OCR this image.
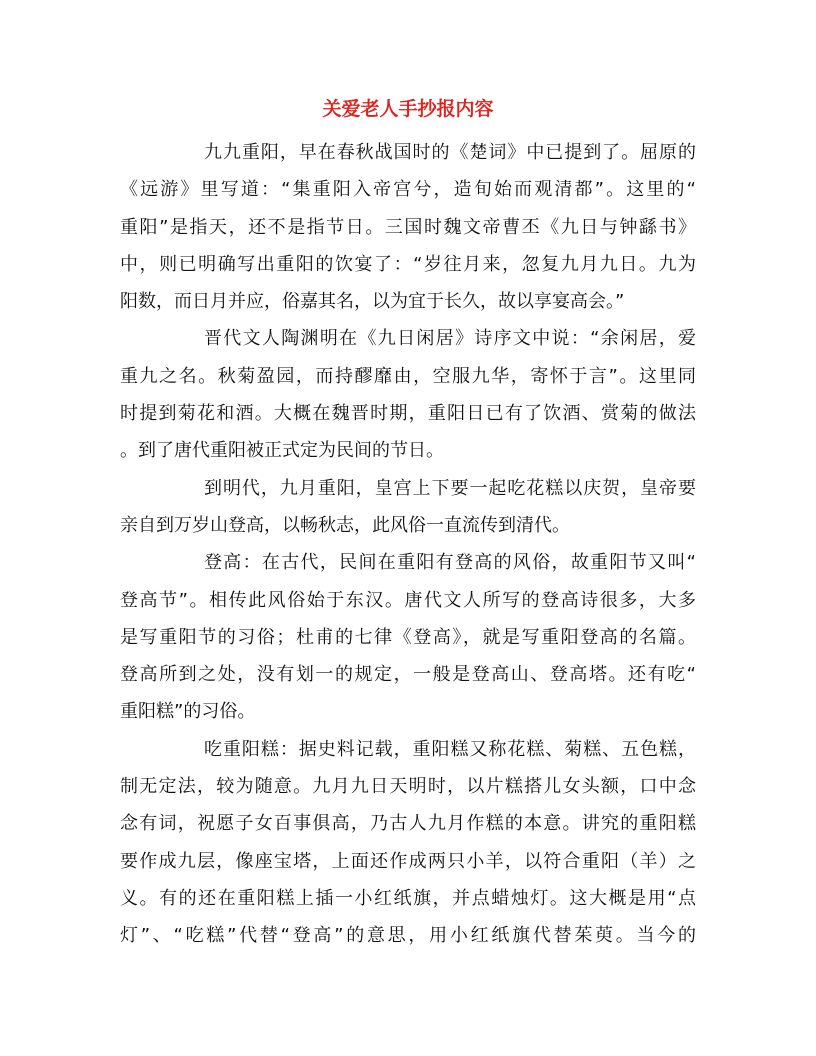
关爱老人手抄报内容
九九重阳，早在春秋战国时的《楚词》中已提到了。屈原的
《远游》里写道：“集重阳入帝宫兮，造旬始而观清都”。这里的“
重阳”是指天，还不是指节日。三国时魏文帝曹丕《九日与钟繇书》
中，则已明确写出重阳的饮宴了：“岁往月来，忽复九月九日。九为
阳数，而日月并应，俗嘉其名，以为宜于长久，故以享宴高会。”
晋代文人陶渊明在《九日闲居》诗序文中说：“余闲居，爱
重九之名。秋菊盈园，而持醪靡由，空服九华，寄怀于言”。这里同
时提到菊花和酒。大概在魏晋时期，重阳日已有了饮酒、赏菊的做法
。到了唐代重阳被正式定为民间的节日。
到明代，九月重阳，皇宫上下要一起吃花糕以庆贺，皇帝要
亲自到万岁山登高，以畅秋志，此风俗一直流传到清代。
登高：在古代，民间在重阳有登高的风俗，故重阳节又叫“
登高节”。相传此风俗始于东汉。唐代文人所写的登高诗很多，大多
是写重阳节的习俗；杜甫的七律《登高》，就是写重阳登高的名篇。
登高所到之处，没有划一的规定，一般是登高山、登高塔。还有吃“
重阳糕”的习俗。
吃重阳糕：据史料记载，重阳糕又称花糕、菊糕、五色糕，
制无定法，较为随意。九月九日天明时，以片糕搭儿女头额，口中念
念有词，祝愿子女百事俱高，乃古人九月作糕的本意。讲究的重阳糕
要作成九层，像座宝塔，上面还作成两只小羊，以符合重阳（羊）之
义。有的还在重阳糕上插一小红纸旗，并点蜡烛灯。这大概是用“点
灯”、“吃糕”代替“登高”的意思，用小红纸旗代替茱萸。当今的
